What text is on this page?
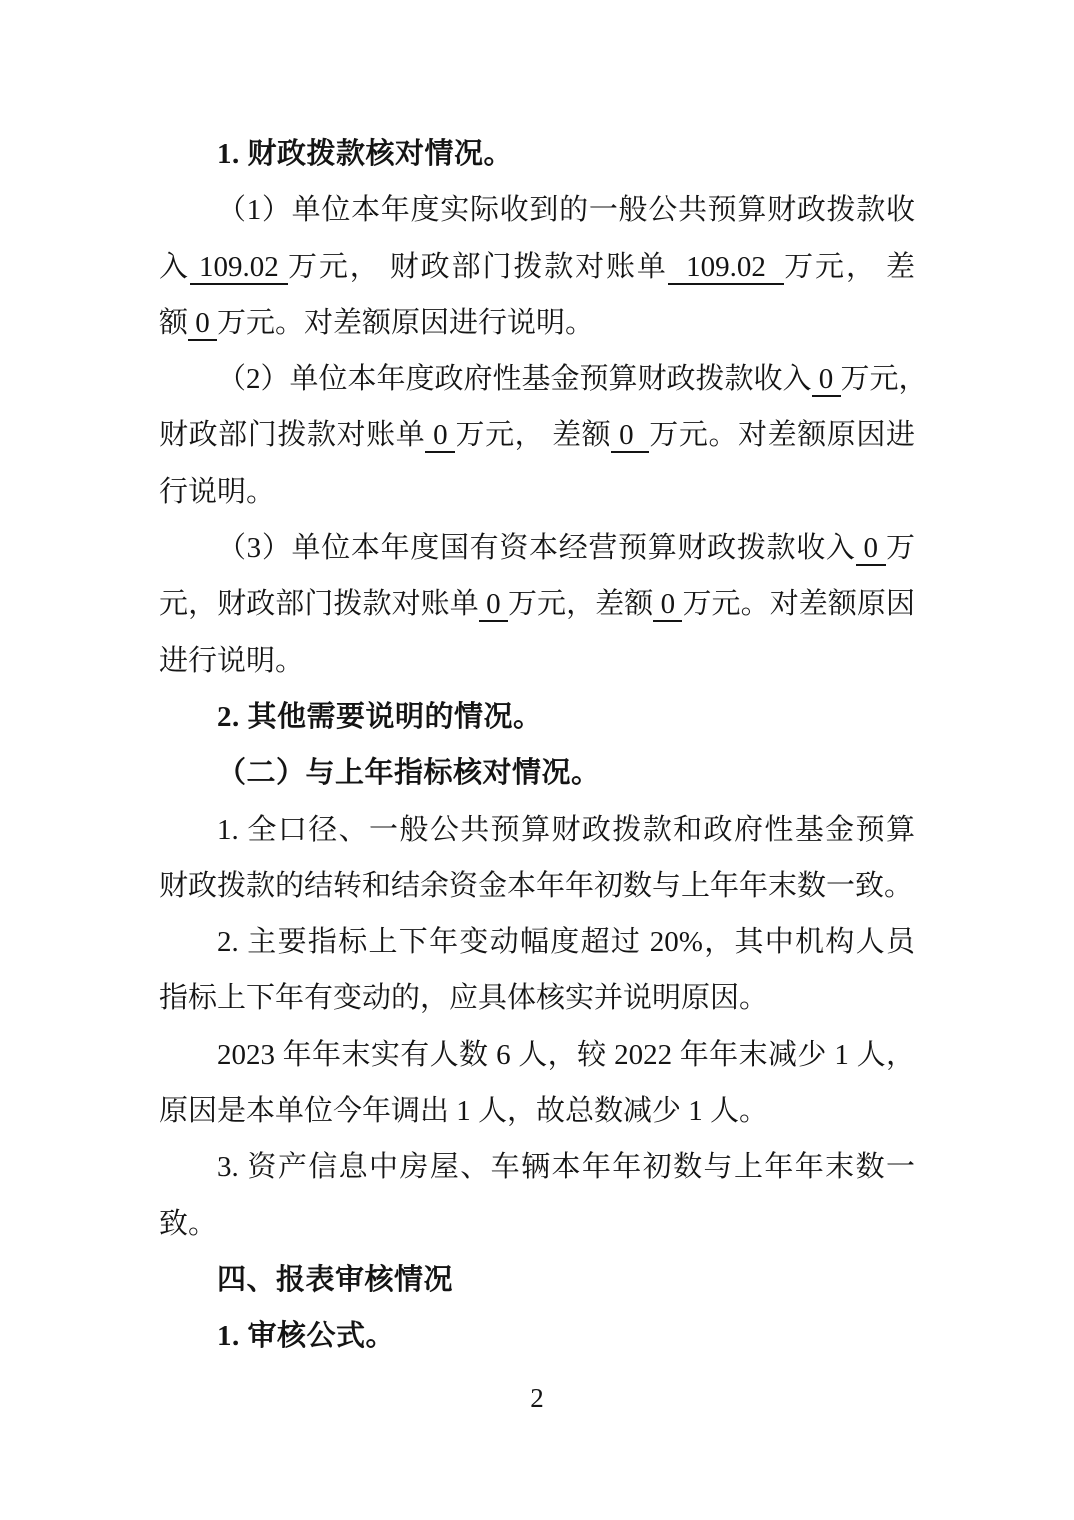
1. 财政拨款核对情况。
（1）单位本年度实际收到的一般公共预算财政拨款收
入 109.02 万元， 财政部门拨款对账单  109.02  万元， 差
额 0 万元。对差额原因进行说明。
（2）单位本年度政府性基金预算财政拨款收入 0 万元，
财政部门拨款对账单 0 万元， 差额 0  万元。对差额原因进
行说明。
（3）单位本年度国有资本经营预算财政拨款收入 0 万
元，财政部门拨款对账单 0 万元，差额 0 万元。对差额原因
进行说明。
2. 其他需要说明的情况。
（二）与上年指标核对情况。
1. 全口径、一般公共预算财政拨款和政府性基金预算
财政拨款的结转和结余资金本年年初数与上年年末数一致。
2. 主要指标上下年变动幅度超过 20%，其中机构人员
指标上下年有变动的，应具体核实并说明原因。
2023 年年末实有人数 6 人，较 2022 年年末减少 1 人，
原因是本单位今年调出 1 人，故总数减少 1 人。
3. 资产信息中房屋、车辆本年年初数与上年年末数一
致。
四、报表审核情况
1. 审核公式。
2
